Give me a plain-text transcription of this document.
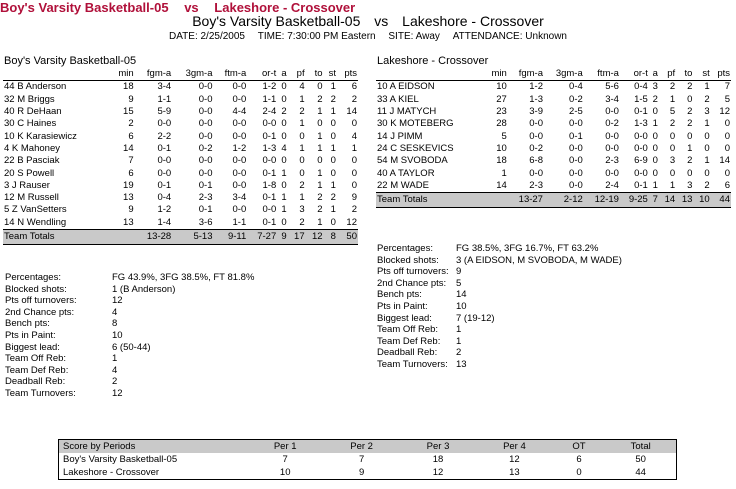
Boy's Varsity Basketball-05 vs Lakeshore - Crossover
Boy's Varsity Basketball-05 vs Lakeshore - Crossover
DATE: 2/25/2005 TIME: 7:30:00 PM Eastern SITE: Away ATTENDANCE: Unknown
Boy's Varsity Basketball-05
	min	fgm-a	3gm-a	ftm-a	or-t	a	pf	to	st	pts
44 B Anderson	18	3-4	0-0	0-0	1-2	0	4	0	1	6
32 M Briggs	9	1-1	0-0	0-0	1-1	0	1	2	2	2
40 R DeHaan	15	5-9	0-0	4-4	2-4	2	2	1	1	14
30 C Haines	2	0-0	0-0	0-0	0-0	0	1	0	0	0
10 K Karasiewicz	6	2-2	0-0	0-0	0-1	0	0	1	0	4
4 K Mahoney	14	0-1	0-2	1-2	1-3	4	1	1	1	1
22 B Pasciak	7	0-0	0-0	0-0	0-0	0	0	0	0	0
20 S Powell	6	0-0	0-0	0-0	0-1	1	0	1	0	0
3 J Rauser	19	0-1	0-1	0-0	1-8	0	2	1	1	0
12 M Russell	13	0-4	2-3	3-4	0-1	1	1	2	2	9
5 Z VanSetters	9	1-2	0-1	0-0	0-0	1	3	2	1	2
14 N Wendling	13	1-4	3-6	1-1	0-1	0	2	1	0	12
Team Totals		13-28	5-13	9-11	7-27	9	17	12	8	50
Lakeshore - Crossover
	min	fgm-a	3gm-a	ftm-a	or-t	a	pf	to	st	pts
10 A EIDSON	10	1-2	0-4	5-6	0-4	3	2	2	1	7
33 A KIEL	27	1-3	0-2	3-4	1-5	2	1	0	2	5
11 J MATYCH	23	3-9	2-5	0-0	0-1	0	5	2	3	12
30 K MOTEBERG	28	0-0	0-0	0-2	1-3	1	2	2	1	0
14 J PIMM	5	0-0	0-1	0-0	0-0	0	0	0	0	0
24 C SESKEVICS	10	0-2	0-0	0-0	0-0	0	0	1	0	0
54 M SVOBODA	18	6-8	0-0	2-3	6-9	0	3	2	1	14
40 A TAYLOR	1	0-0	0-0	0-0	0-0	0	0	0	0	0
22 M WADE	14	2-3	0-0	2-4	0-1	1	1	3	2	6
Team Totals		13-27	2-12	12-19	9-25	7	14	13	10	44
Percentages:	FG 43.9%, 3FG 38.5%, FT 81.8%
Blocked shots:	1 (B Anderson)
Pts off turnovers:	12
2nd Chance pts:	4
Bench pts:	8
Pts in Paint:	10
Biggest lead:	6 (50-44)
Team Off Reb:	1
Team Def Reb:	4
Deadball Reb:	2
Team Turnovers:	12
Percentages:	FG 38.5%, 3FG 16.7%, FT 63.2%
Blocked shots:	3 (A EIDSON, M SVOBODA, M WADE)
Pts off turnovers: 9
2nd Chance pts:	5
Bench pts:	14
Pts in Paint:	10
Biggest lead:	7 (19-12)
Team Off Reb:	1
Team Def Reb:	1
Deadball Reb:	2
Team Turnovers: 13
Score by Periods	Per 1	Per 2	Per 3	Per 4	OT	Total
Boy's Varsity Basketball-05	7	7	18	12	6	50
Lakeshore - Crossover	10	9	12	13	0	44
